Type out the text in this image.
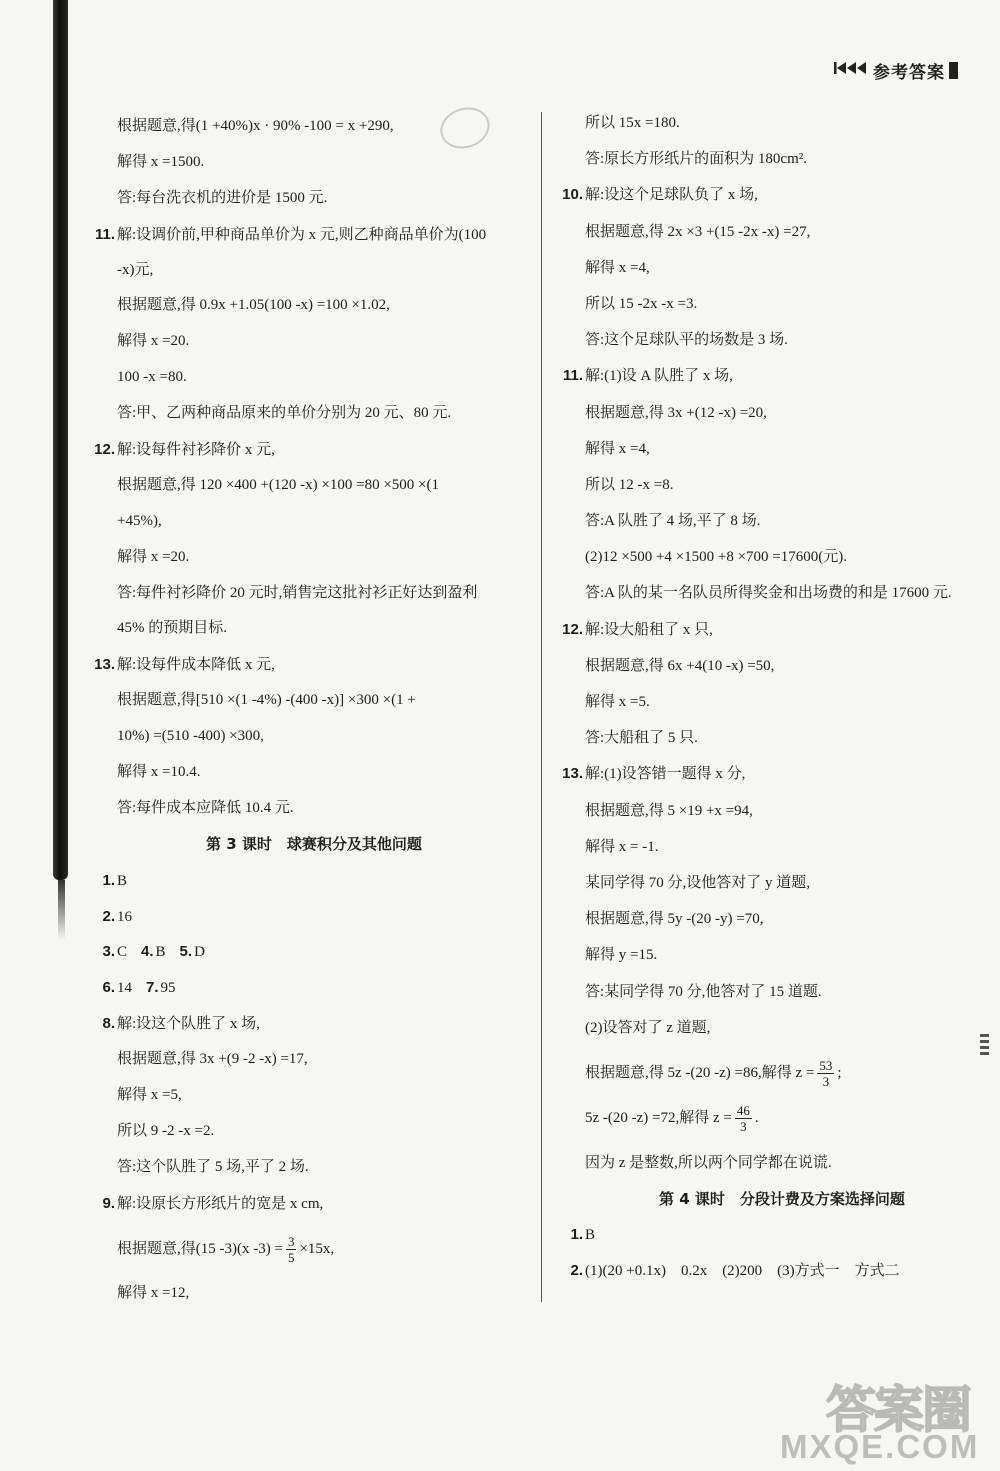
参考答案
根据题意,得(1 +40%)x · 90% -100 = x +290,
解得 x =1500.
答:每台洗衣机的进价是 1500 元.
11. 解:设调价前,甲种商品单价为 x 元,则乙种商品单价为(100
-x)元,
根据题意,得 0.9x +1.05(100 -x) =100 ×1.02,
解得 x =20.
100 -x =80.
答:甲、乙两种商品原来的单价分别为 20 元、80 元.
12. 解:设每件衬衫降价 x 元,
根据题意,得 120 ×400 +(120 -x) ×100 =80 ×500 ×(1
+45%),
解得 x =20.
答:每件衬衫降价 20 元时,销售完这批衬衫正好达到盈利
45% 的预期目标.
13. 解:设每件成本降低 x 元,
根据题意,得[510 ×(1 -4%) -(400 -x)] ×300 ×(1 +
10%) =(510 -400) ×300,
解得 x =10.4.
答:每件成本应降低 10.4 元.
第 3 课时　球赛积分及其他问题
1. B
2. 16
3. C 4. B 5. D
6. 14 7. 95
8. 解:设这个队胜了 x 场,
根据题意,得 3x +(9 -2 -x) =17,
解得 x =5,
所以 9 -2 -x =2.
答:这个队胜了 5 场,平了 2 场.
9. 解:设原长方形纸片的宽是 x cm,
根据题意,得(15 -3)(x $-3) = \frac{3}{5} \times 15x$,
解得 x =12,
所以 15x =180.
答:原长方形纸片的面积为 180cm².
10. 解:设这个足球队负了 x 场,
根据题意,得 2x ×3 +(15 -2x -x) =27,
解得 x =4,
所以 15 -2x -x =3.
答:这个足球队平的场数是 3 场.
11. 解:(1)设 A 队胜了 x 场,
根据题意,得 3x +(12 -x) =20,
解得 x =4,
所以 12 -x =8.
答:A 队胜了 4 场,平了 8 场.
(2)12 ×500 +4 ×1500 +8 ×700 =17600(元).
答:A 队的某一名队员所得奖金和出场费的和是 17600 元.
12. 解:设大船租了 x 只,
根据题意,得 6x +4(10 -x) =50,
解得 x =5.
答:大船租了 5 只.
13. 解:(1)设答错一题得 x 分,
根据题意,得 5 ×19 +x =94,
解得 x = -1.
某同学得 70 分,设他答对了 y 道题,
根据题意,得 5y -(20 -y) =70,
解得 y =15.
答:某同学得 70 分,他答对了 15 道题.
(2)设答对了 z 道题,
根据题意,得 5z -(20 -z) =86,解得 $z = \frac{53}{3}$ ;
5z -(20 -z) =72,解得 $z = \frac{46}{3}$ .
因为 z 是整数,所以两个同学都在说谎.
第 4 课时　分段计费及方案选择问题
1. B
2. (1)(20 +0.1x)　0.2x　(2)200　(3)方式一　方式二
答案圈
MXQE.COM
